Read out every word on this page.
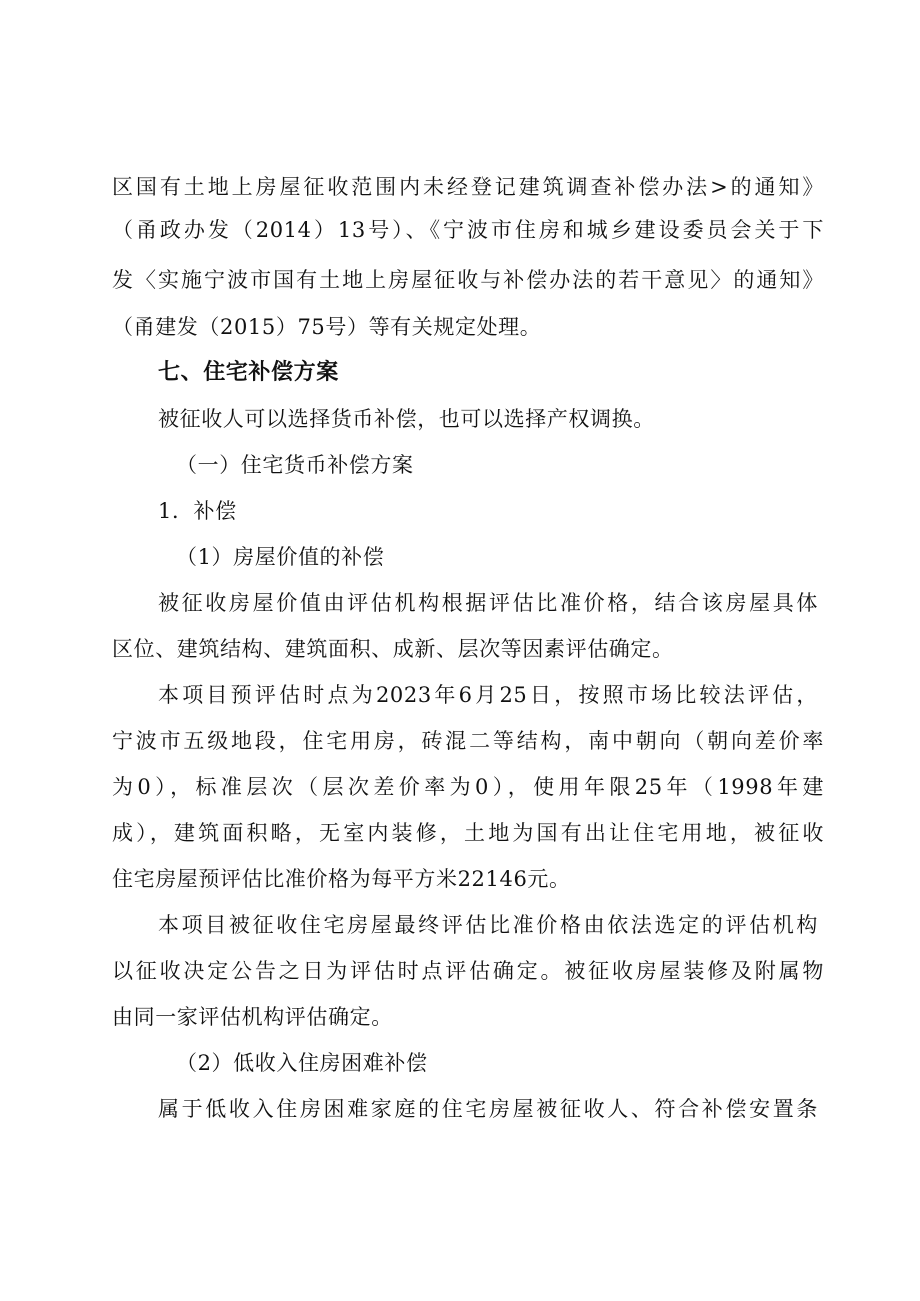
区国有土地上房屋征收范围内未经登记建筑调查补偿办法>的通知》
（甬政办发（2014）13号）、《宁波市住房和城乡建设委员会关于下
发〈实施宁波市国有土地上房屋征收与补偿办法的若干意见〉的通知》
（甬建发（2015）75号）等有关规定处理。
七、住宅补偿方案
被征收人可以选择货币补偿，也可以选择产权调换。
（一）住宅货币补偿方案
1．补偿
（1）房屋价值的补偿
被征收房屋价值由评估机构根据评估比准价格，结合该房屋具体
区位、建筑结构、建筑面积、成新、层次等因素评估确定。
本项目预评估时点为2023年6月25日，按照市场比较法评估，
宁波市五级地段，住宅用房，砖混二等结构，南中朝向（朝向差价率
为0），标准层次（层次差价率为0），使用年限25年（1998年建
成），建筑面积略，无室内装修，土地为国有出让住宅用地，被征收
住宅房屋预评估比准价格为每平方米22146元。
本项目被征收住宅房屋最终评估比准价格由依法选定的评估机构
以征收决定公告之日为评估时点评估确定。被征收房屋装修及附属物
由同一家评估机构评估确定。
（2）低收入住房困难补偿
属于低收入住房困难家庭的住宅房屋被征收人、符合补偿安置条
